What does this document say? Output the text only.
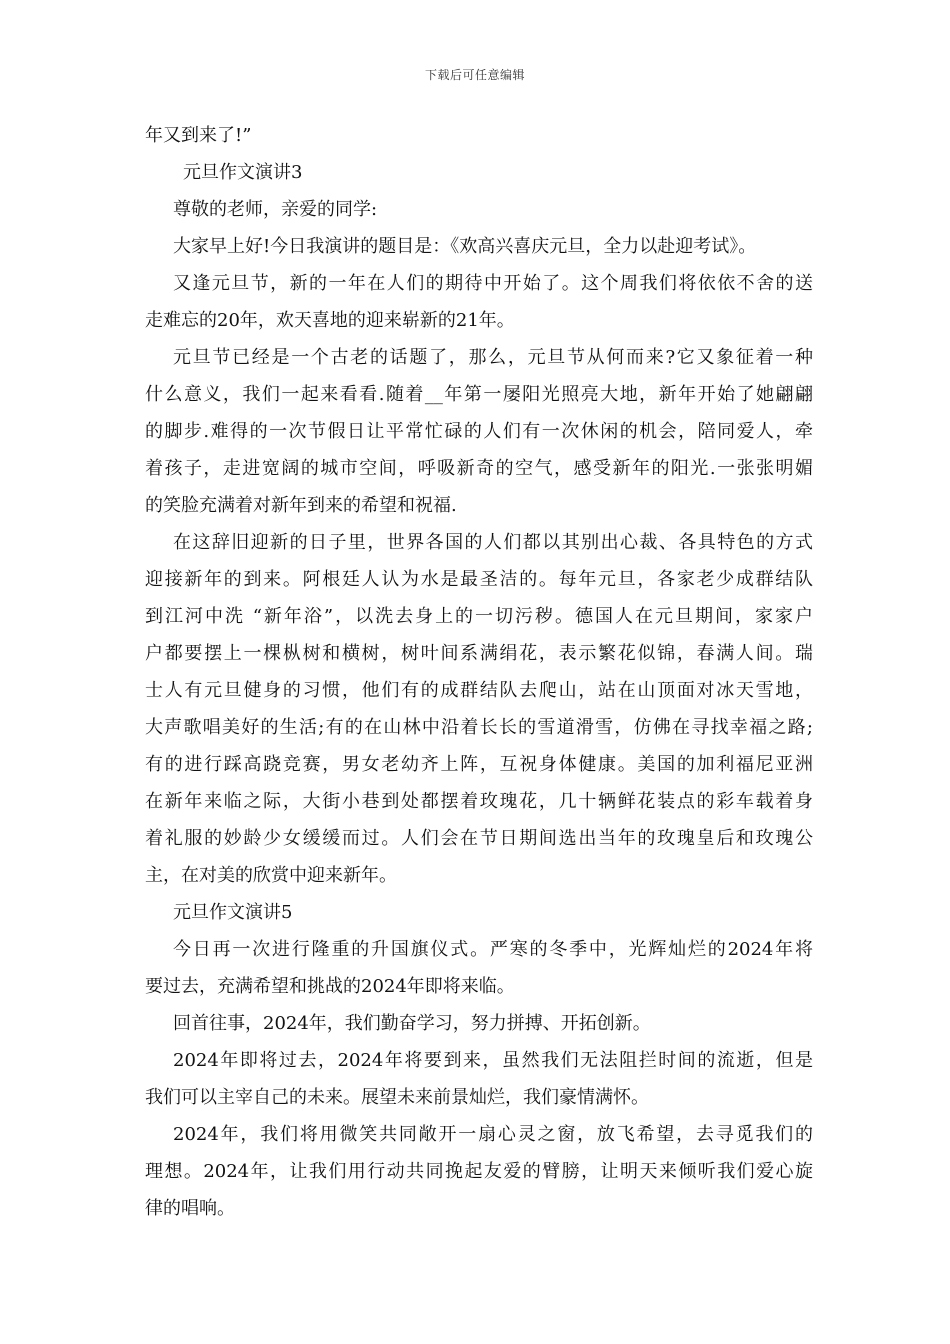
下载后可任意编辑
年又到来了!”
元旦作文演讲3
尊敬的老师，亲爱的同学:
大家早上好!今日我演讲的题目是：《欢高兴喜庆元旦，全力以赴迎考试》。
又逢元旦节，新的一年在人们的期待中开始了。这个周我们将依依不舍的送
走难忘的20年，欢天喜地的迎来崭新的21年。
元旦节已经是一个古老的话题了，那么，元旦节从何而来?它又象征着一种
什么意义，我们一起来看看.随着__年第一屡阳光照亮大地，新年开始了她翩翩
的脚步.难得的一次节假日让平常忙碌的人们有一次休闲的机会，陪同爱人，牵
着孩子，走进宽阔的城市空间，呼吸新奇的空气，感受新年的阳光.一张张明媚
的笑脸充满着对新年到来的希望和祝福.
在这辞旧迎新的日子里，世界各国的人们都以其别出心裁、各具特色的方式
迎接新年的到来。阿根廷人认为水是最圣洁的。每年元旦，各家老少成群结队
到江河中洗 “新年浴”，以洗去身上的一切污秽。德国人在元旦期间，家家户
户都要摆上一棵枞树和横树，树叶间系满绢花，表示繁花似锦，春满人间。瑞
士人有元旦健身的习惯，他们有的成群结队去爬山，站在山顶面对冰天雪地，
大声歌唱美好的生活;有的在山林中沿着长长的雪道滑雪，仿佛在寻找幸福之路;
有的进行踩高跷竞赛，男女老幼齐上阵，互祝身体健康。美国的加利福尼亚洲
在新年来临之际，大街小巷到处都摆着玫瑰花，几十辆鲜花装点的彩车载着身
着礼服的妙龄少女缓缓而过。人们会在节日期间选出当年的玫瑰皇后和玫瑰公
主，在对美的欣赏中迎来新年。
元旦作文演讲5
今日再一次进行隆重的升国旗仪式。严寒的冬季中，光辉灿烂的2024年将
要过去，充满希望和挑战的2024年即将来临。
回首往事，2024年，我们勤奋学习，努力拼搏、开拓创新。
2024年即将过去，2024年将要到来，虽然我们无法阻拦时间的流逝，但是
我们可以主宰自己的未来。展望未来前景灿烂，我们豪情满怀。
2024年，我们将用微笑共同敞开一扇心灵之窗，放飞希望，去寻觅我们的
理想。2024年，让我们用行动共同挽起友爱的臂膀，让明天来倾听我们爱心旋
律的唱响。
